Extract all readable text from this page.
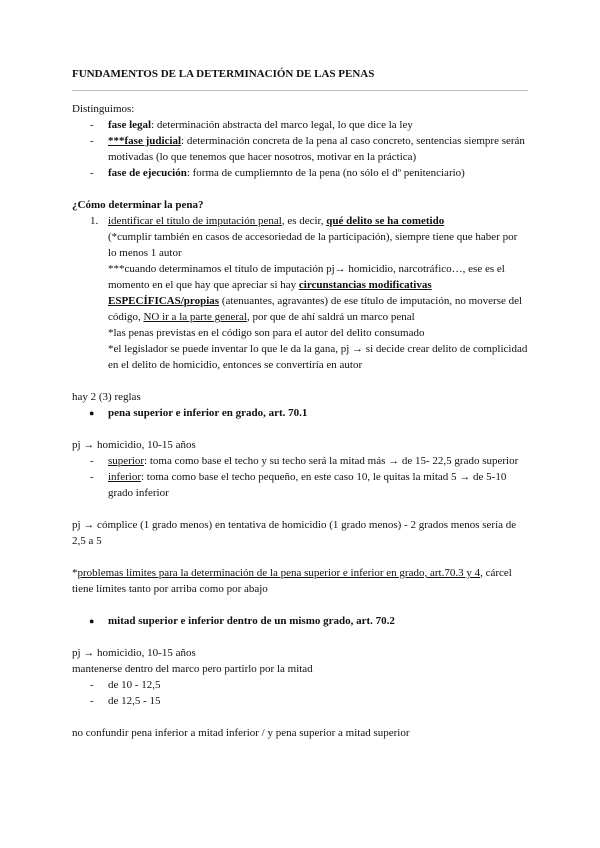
FUNDAMENTOS DE LA DETERMINACIÓN DE LAS PENAS

Distinguimos:

- fase legal: determinación abstracta del marco legal, lo que dice la ley
- ***fase judicial: determinación concreta de la pena al caso concreto, sentencias siempre serán motivadas (lo que tenemos que hacer nosotros, motivar en la práctica)
- fase de ejecución: forma de cumpliemnto de la pena (no sólo el dº penitenciario)

¿Cómo determinar la pena?

1. identificar el título de imputación penal, es decir, qué delito se ha cometido

(*cumplir también en casos de accesoriedad de la participación), siempre tiene que haber por lo menos 1 autor

***cuando determinamos el título de imputación pj→ homicidio, narcotráfico…, ese es el momento en el que hay que apreciar si hay circunstancias modificativas ESPECÍFICAS/propias (atenuantes, agravantes) de ese título de imputación, no moverse del código, NO ir a la parte general, por que de ahí saldrá un marco penal

*las penas previstas en el código son para el autor del delito consumado

*el legislador se puede inventar lo que le da la gana, pj → si decide crear delito de complicidad en el delito de homicidio, entonces se convertiría en autor

hay 2 (3) reglas

● pena superior e inferior en grado, art. 70.1

pj → homicidio, 10-15 años

- superior: toma como base el techo y su techo será la mitad más → de 15- 22,5 grado superior
- inferior: toma como base el techo pequeño, en este caso 10, le quitas la mitad 5 → de 5-10 grado inferior

pj → cómplice (1 grado menos) en tentativa de homicidio (1 grado menos) - 2 grados menos sería de 2,5 a 5

*problemas límites para la determinación de la pena superior e inferior en grado, art.70.3 y 4, cárcel tiene límites tanto por arriba como por abajo

● mitad superior e inferior dentro de un mismo grado, art. 70.2

pj → homicidio, 10-15 años

mantenerse dentro del marco pero partirlo por la mitad

- de 10 - 12,5
- de 12,5 - 15

no confundir pena inferior a mitad inferior / y pena superior a mitad superior
